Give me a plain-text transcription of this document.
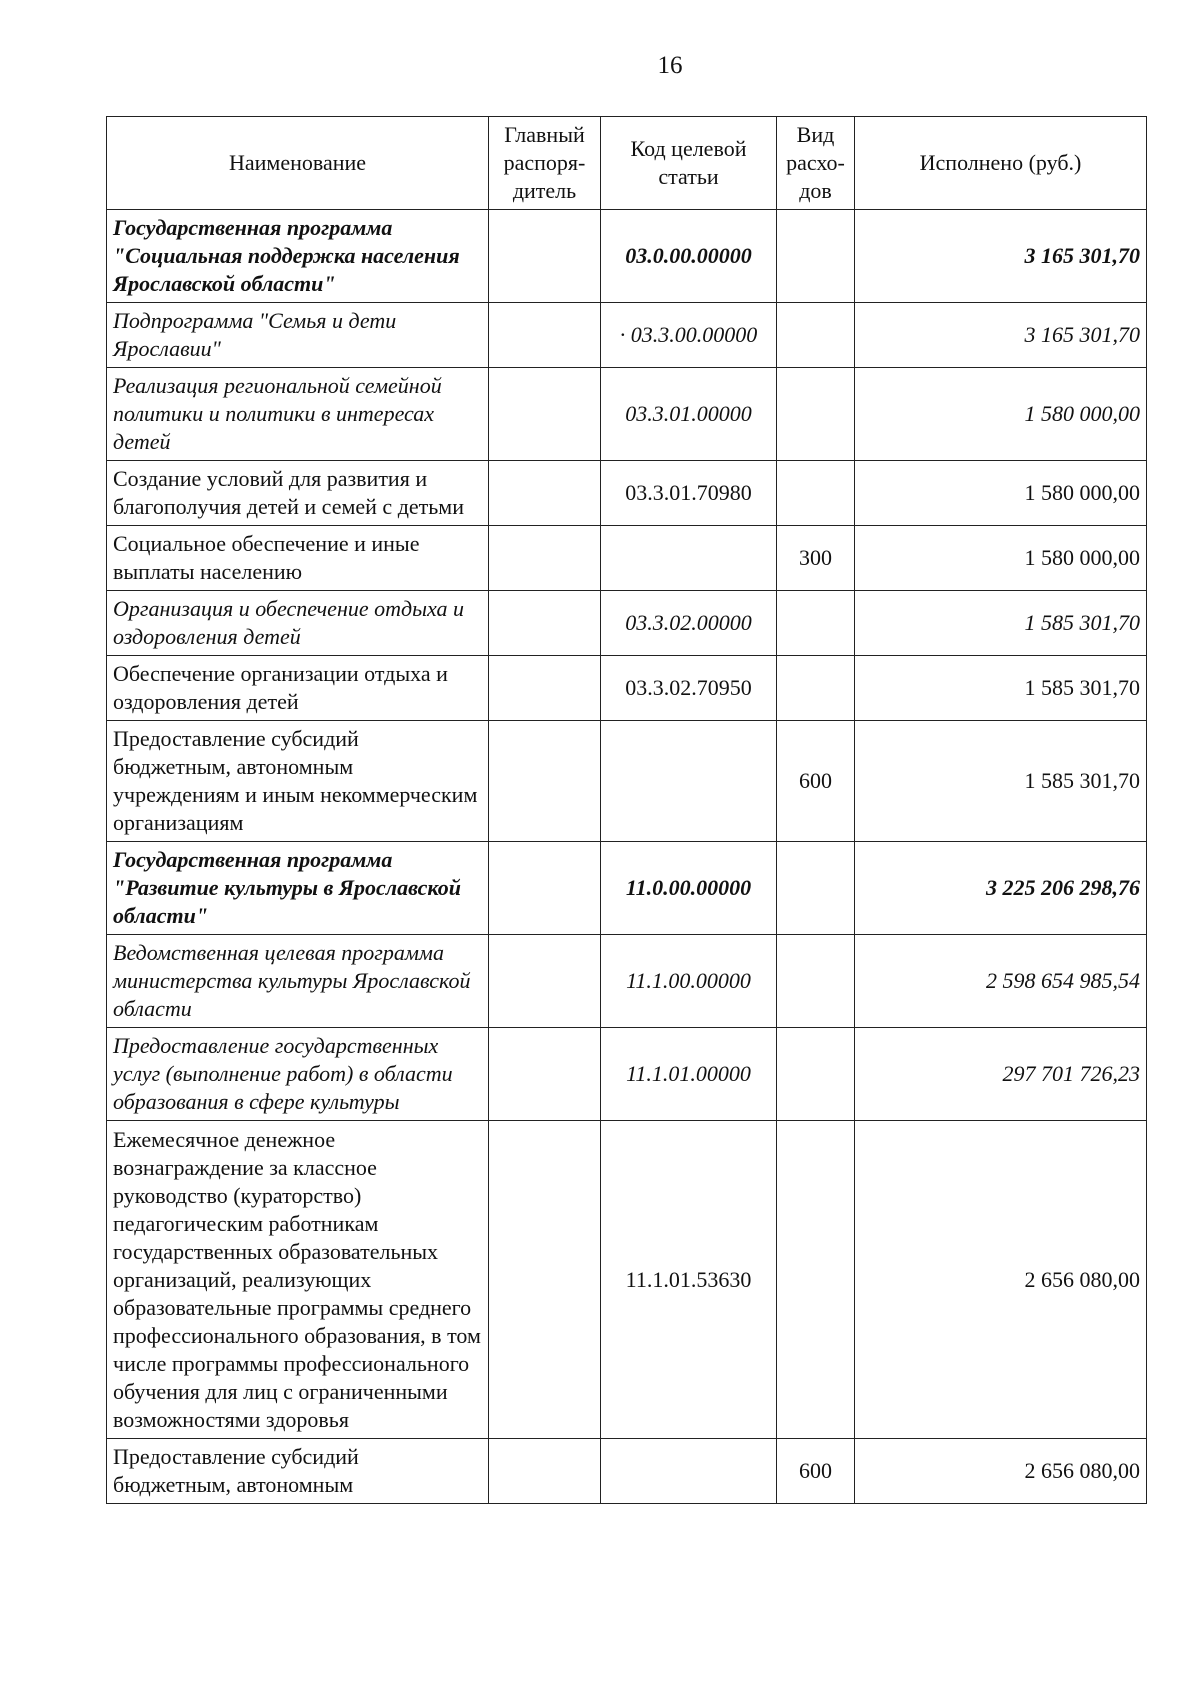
16
Наименование	Главный распоря-дитель	Код целевой статьи	Вид расхо-дов	Исполнено (руб.)
Государственная программа "Социальная поддержка населения Ярославской области"		03.0.00.00000		3 165 301,70
Подпрограмма "Семья и дети Ярославии"		· 03.3.00.00000		3 165 301,70
Реализация региональной семейной политики и политики в интересах детей		03.3.01.00000		1 580 000,00
Создание условий для развития и благополучия детей и семей с детьми		03.3.01.70980		1 580 000,00
Социальное обеспечение и иные выплаты населению			300	1 580 000,00
Организация и обеспечение отдыха и оздоровления детей		03.3.02.00000		1 585 301,70
Обеспечение организации отдыха и оздоровления детей		03.3.02.70950		1 585 301,70
Предоставление субсидий бюджетным, автономным учреждениям и иным некоммерческим организациям			600	1 585 301,70
Государственная программа "Развитие культуры в Ярославской области"		11.0.00.00000		3 225 206 298,76
Ведомственная целевая программа министерства культуры Ярославской области		11.1.00.00000		2 598 654 985,54
Предоставление государственных услуг (выполнение работ) в области образования в сфере культуры		11.1.01.00000		297 701 726,23
Ежемесячное денежное вознаграждение за классное руководство (кураторство) педагогическим работникам государственных образовательных организаций, реализующих образовательные программы среднего профессионального образования, в том числе программы профессионального обучения для лиц с ограниченными возможностями здоровья		11.1.01.53630		2 656 080,00
Предоставление субсидий бюджетным, автономным			600	2 656 080,00
